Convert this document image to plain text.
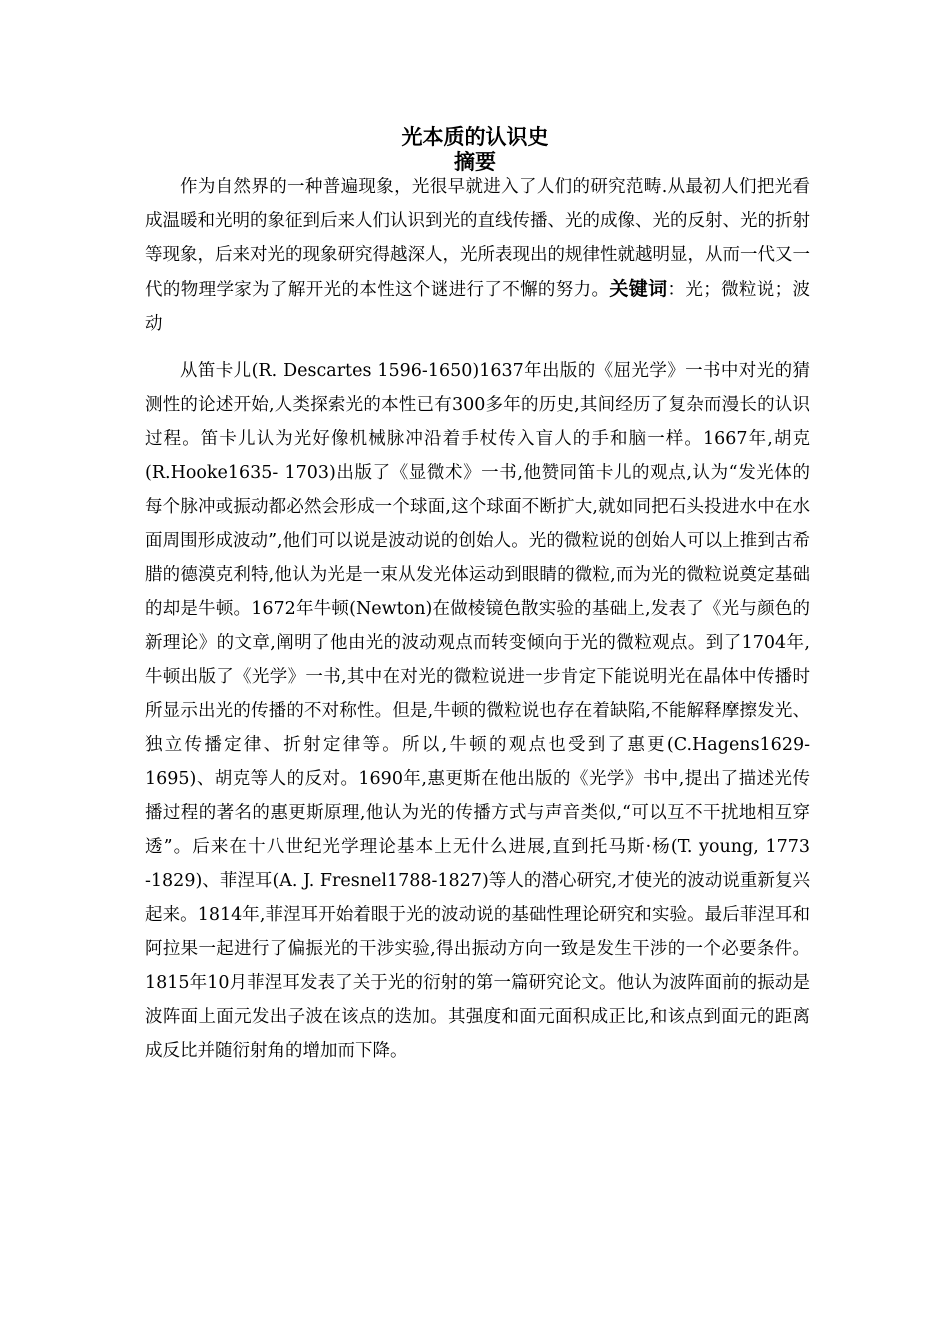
光本质的认识史
摘要

作为自然界的一种普遍现象，光很早就进入了人们的研究范畴.从最初人们把光看成温暖和光明的象征到后来人们认识到光的直线传播、光的成像、光的反射、光的折射等现象，后来对光的现象研究得越深人，光所表现出的规律性就越明显，从而一代又一代的物理学家为了解开光的本性这个谜进行了不懈的努力。关键词：光；微粒说；波动

从笛卡儿(R. Descartes 1596-1650)1637年出版的《屈光学》一书中对光的猜测性的论述开始,人类探索光的本性已有300多年的历史,其间经历了复杂而漫长的认识过程。笛卡儿认为光好像机械脉冲沿着手杖传入盲人的手和脑一样。1667年,胡克(R.Hooke1635- 1703)出版了《显微术》一书,他赞同笛卡儿的观点,认为“发光体的每个脉冲或振动都必然会形成一个球面,这个球面不断扩大,就如同把石头投进水中在水面周围形成波动”,他们可以说是波动说的创始人。光的微粒说的创始人可以上推到古希腊的德漠克利特,他认为光是一束从发光体运动到眼睛的微粒,而为光的微粒说奠定基础的却是牛顿。1672年牛顿(Newton)在做棱镜色散实验的基础上,发表了《光与颜色的新理论》的文章,阐明了他由光的波动观点而转变倾向于光的微粒观点。到了1704年,牛顿出版了《光学》一书,其中在对光的微粒说进一步肯定下能说明光在晶体中传播时所显示出光的传播的不对称性。但是,牛顿的微粒说也存在着缺陷,不能解释摩擦发光、独立传播定律、折射定律等。所以,牛顿的观点也受到了惠更(C.Hagens1629-1695)、胡克等人的反对。1690年,惠更斯在他出版的《光学》书中,提出了描述光传播过程的著名的惠更斯原理,他认为光的传播方式与声音类似,“可以互不干扰地相互穿透”。后来在十八世纪光学理论基本上无什么进展,直到托马斯·杨(T. young, 1773 -1829)、菲涅耳(A. J. Fresnel1788-1827)等人的潜心研究,才使光的波动说重新复兴起来。1814年,菲涅耳开始着眼于光的波动说的基础性理论研究和实验。最后菲涅耳和阿拉果一起进行了偏振光的干涉实验,得出振动方向一致是发生干涉的一个必要条件。1815年10月菲涅耳发表了关于光的衍射的第一篇研究论文。他认为波阵面前的振动是波阵面上面元发出子波在该点的迭加。其强度和面元面积成正比,和该点到面元的距离成反比并随衍射角的增加而下降。
